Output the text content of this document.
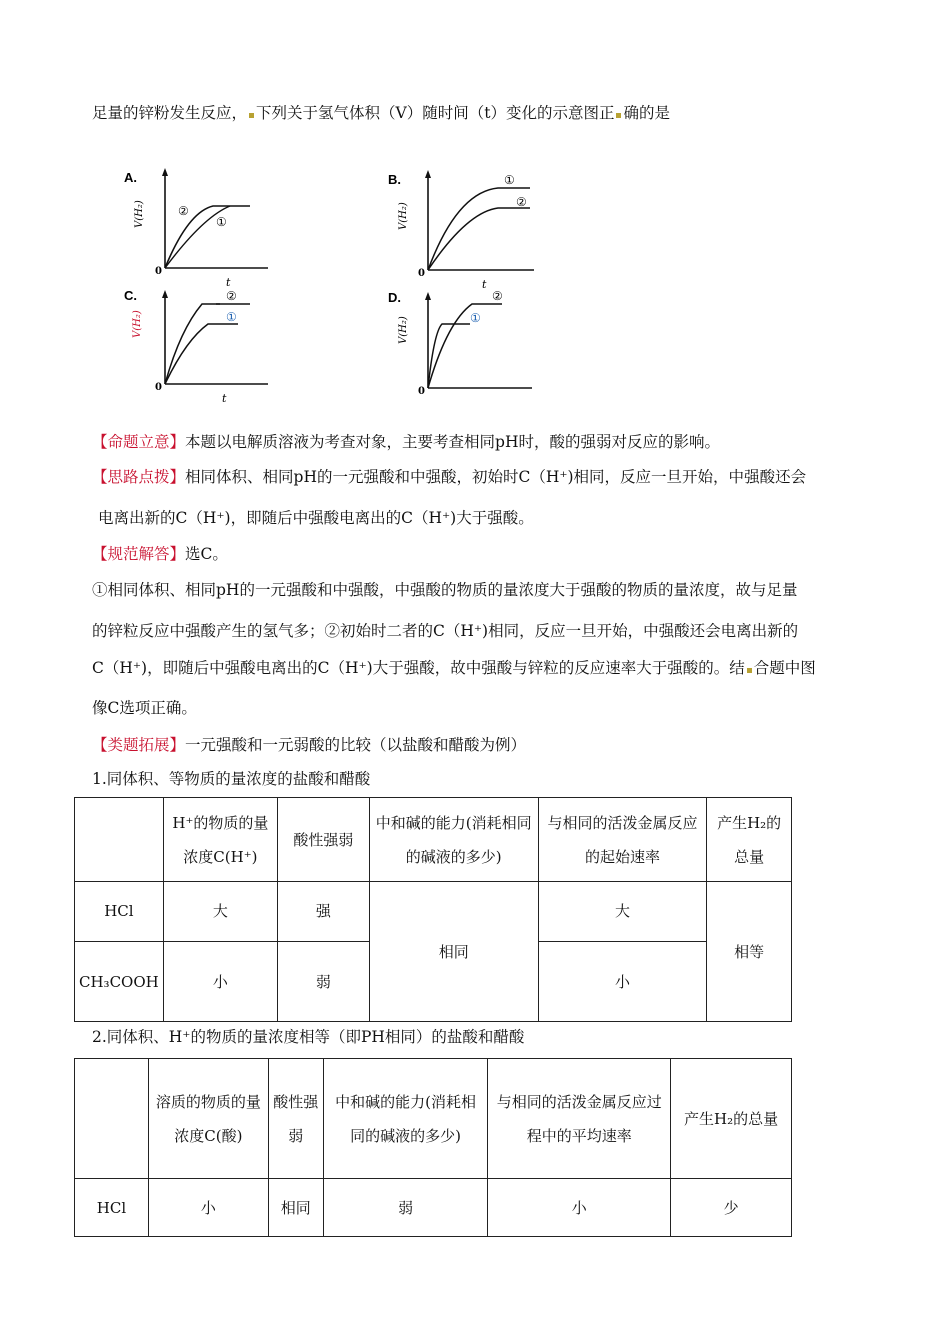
足量的锌粉发生反应， 下列关于氢气体积（V）随时间（t）变化的示意图正 确的是
A.
V(H₂)
0
t
②
①
B.
V(H₂)
0
t
①
②
C.
V(H₂)
0
t
②
①
D.
V(H₂)
0
②
①
【命题立意】本题以电解质溶液为考查对象，主要考查相同pH时，酸的强弱对反应的影响。
【思路点拨】相同体积、相同pH的一元强酸和中强酸，初始时C（H⁺)相同，反应一旦开始，中强酸还会
电离出新的C（H⁺)，即随后中强酸电离出的C（H⁺)大于强酸。
【规范解答】选C。
①相同体积、相同pH的一元强酸和中强酸，中强酸的物质的量浓度大于强酸的物质的量浓度，故与足量
的锌粒反应中强酸产生的氢气多；②初始时二者的C（H⁺)相同，反应一旦开始，中强酸还会电离出新的
C（H⁺)，即随后中强酸电离出的C（H⁺)大于强酸，故中强酸与锌粒的反应速率大于强酸的。结 合题中图
像C选项正确。
【类题拓展】一元强酸和一元弱酸的比较（以盐酸和醋酸为例）
1.同体积、等物质的量浓度的盐酸和醋酸
	H⁺的物质的量浓度C(H⁺)	酸性强弱	中和碱的能力(消耗相同的碱液的多少)	与相同的活泼金属反应的起始速率	产生H₂的总量
HCl	大	强	相同	大	相等
CH₃COOH	小	弱		小	
2.同体积、H⁺的物质的量浓度相等（即PH相同）的盐酸和醋酸
	溶质的物质的量浓度C(酸)	酸性强弱	中和碱的能力(消耗相同的碱液的多少)	与相同的活泼金属反应过程中的平均速率	产生H₂的总量
HCl	小	相同	弱	小	少
